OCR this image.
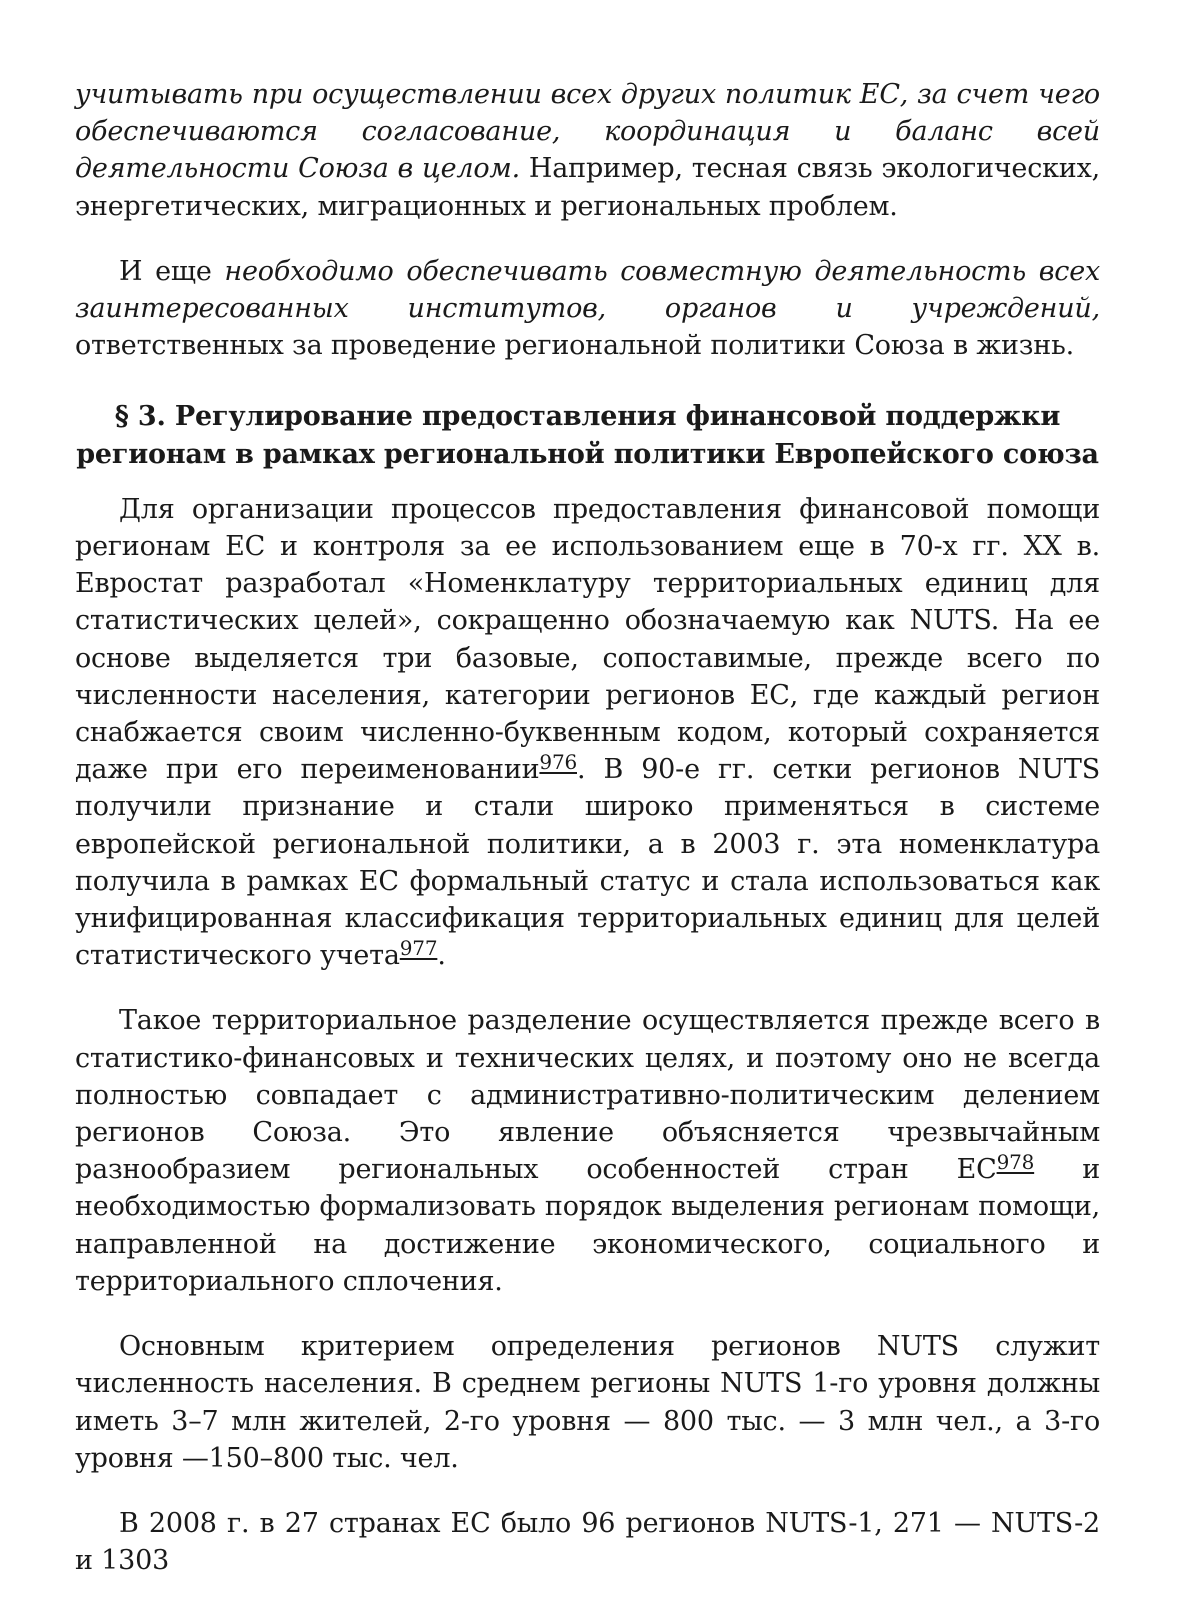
учитывать при осуществлении всех других политик ЕС, за счет чего обеспечиваются согласование, координация и баланс всей деятельности Союза в целом. Например, тесная связь экологических, энергетических, миграционных и региональных проблем.

И еще необходимо обеспечивать совместную деятельность всех заинтересованных институтов, органов и учреждений, ответственных за проведение региональной политики Союза в жизнь.

§ 3. Регулирование предоставления финансовой поддержки
регионам в рамках региональной политики Европейского союза

Для организации процессов предоставления финансовой помощи регионам ЕС и контроля за ее использованием еще в 70-х гг. XX в. Евростат разработал «Номенклатуру территориальных единиц для статистических целей», сокращенно обозначаемую как NUTS. На ее основе выделяется три базовые, сопоставимые, прежде всего по численности населения, категории регионов ЕС, где каждый регион снабжается своим численно-буквенным кодом, который сохраняется даже при его переименовании$^{976}$. В 90-е гг. сетки регионов NUTS получили признание и стали широко применяться в системе европейской региональной политики, а в 2003 г. эта номенклатура получила в рамках ЕС формальный статус и стала использоваться как унифицированная классификация территориальных единиц для целей статистического учета$^{977}$.

Такое территориальное разделение осуществляется прежде всего в статистико-финансовых и технических целях, и поэтому оно не всегда полностью совпадает с административно-политическим делением регионов Союза. Это явление объясняется чрезвычайным разнообразием региональных особенностей стран ЕС$^{978}$ и необходимостью формализовать порядок выделения регионам помощи, направленной на достижение экономического, социального и территориального сплочения.

Основным критерием определения регионов NUTS служит численность населения. В среднем регионы NUTS 1-го уровня должны иметь 3–7 млн жителей, 2-го уровня — 800 тыс. — 3 млн чел., а 3-го уровня —150–800 тыс. чел.

В 2008 г. в 27 странах ЕС было 96 регионов NUTS-1, 271 — NUTS-2 и 1303
